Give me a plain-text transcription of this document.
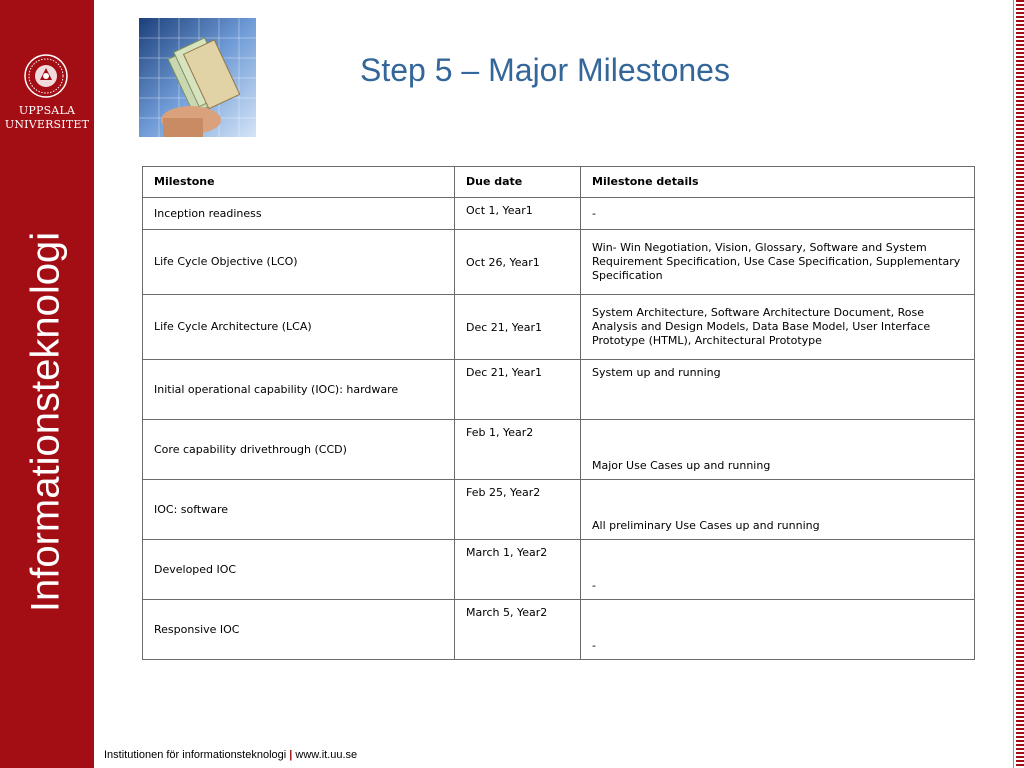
UPPSALA
UNIVERSITET
Informationsteknologi
Step 5 – Major Milestones
Milestone	Due date	Milestone details
Inception readiness	Oct 1, Year1	-
Life Cycle Objective (LCO)	Oct 26, Year1	Win- Win Negotiation, Vision, Glossary, Software and System Requirement Specification, Use Case Specification, Supplementary Specification
Life Cycle Architecture (LCA)	Dec 21, Year1	System Architecture, Software Architecture Document, Rose Analysis and Design Models, Data Base Model, User Interface Prototype (HTML), Architectural Prototype
Initial operational capability (IOC): hardware	Dec 21, Year1	System up and running
Core capability drivethrough (CCD)	Feb 1, Year2	Major Use Cases up and running
IOC: software	Feb 25, Year2	All preliminary Use Cases up and running
Developed IOC	March 1, Year2	-
Responsive IOC	March 5, Year2	-
Institutionen för informationsteknologi | www.it.uu.se
